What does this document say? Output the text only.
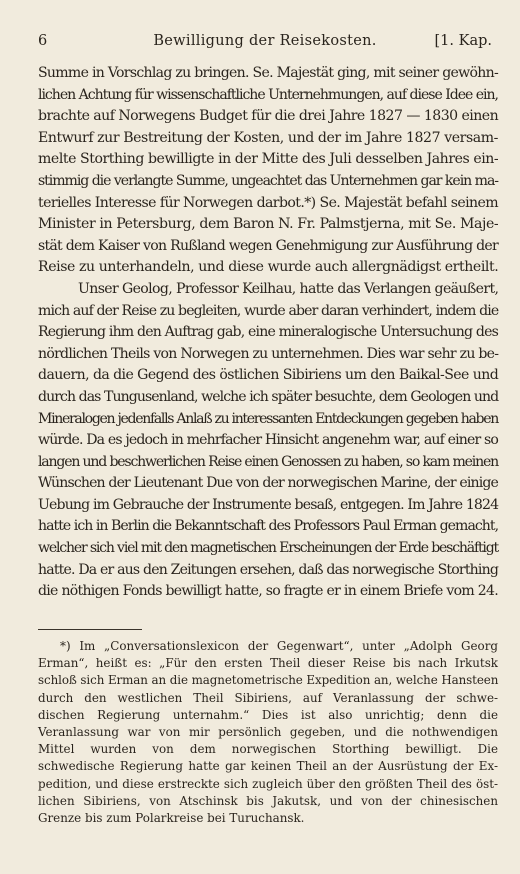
6	Bewilligung der Reisekosten.	[1. Kap.
Summe in Vorschlag zu bringen. Se. Majestät ging, mit seiner gewöhn-
lichen Achtung für wissenschaftliche Unternehmungen, auf diese Idee ein,
brachte auf Norwegens Budget für die drei Jahre 1827 — 1830 einen
Entwurf zur Bestreitung der Kosten, und der im Jahre 1827 versam-
melte Storthing bewilligte in der Mitte des Juli desselben Jahres ein-
stimmig die verlangte Summe, ungeachtet das Unternehmen gar kein ma-
terielles Interesse für Norwegen darbot.*) Se. Majestät befahl seinem
Minister in Petersburg, dem Baron N. Fr. Palmstjerna, mit Se. Maje-
stät dem Kaiser von Rußland wegen Genehmigung zur Ausführung der
Reise zu unterhandeln, und diese wurde auch allergnädigst ertheilt.
Unser Geolog, Professor Keilhau, hatte das Verlangen geäußert,
mich auf der Reise zu begleiten, wurde aber daran verhindert, indem die
Regierung ihm den Auftrag gab, eine mineralogische Untersuchung des
nördlichen Theils von Norwegen zu unternehmen. Dies war sehr zu be-
dauern, da die Gegend des östlichen Sibiriens um den Baikal-See und
durch das Tungusenland, welche ich später besuchte, dem Geologen und
Mineralogen jedenfalls Anlaß zu interessanten Entdeckungen gegeben haben
würde. Da es jedoch in mehrfacher Hinsicht angenehm war, auf einer so
langen und beschwerlichen Reise einen Genossen zu haben, so kam meinen
Wünschen der Lieutenant Due von der norwegischen Marine, der einige
Uebung im Gebrauche der Instrumente besaß, entgegen. Im Jahre 1824
hatte ich in Berlin die Bekanntschaft des Professors Paul Erman gemacht,
welcher sich viel mit den magnetischen Erscheinungen der Erde beschäftigt
hatte. Da er aus den Zeitungen ersehen, daß das norwegische Storthing
die nöthigen Fonds bewilligt hatte, so fragte er in einem Briefe vom 24.
*) Im „Conversationslexicon der Gegenwart“, unter „Adolph Georg
Erman“, heißt es: „Für den ersten Theil dieser Reise bis nach Irkutsk
schloß sich Erman an die magnetometrische Expedition an, welche Hansteen
durch den westlichen Theil Sibiriens, auf Veranlassung der schwe-
dischen Regierung unternahm.“ Dies ist also unrichtig; denn die
Veranlassung war von mir persönlich gegeben, und die nothwendigen
Mittel wurden von dem norwegischen Storthing bewilligt. Die
schwedische Regierung hatte gar keinen Theil an der Ausrüstung der Ex-
pedition, und diese erstreckte sich zugleich über den größten Theil des öst-
lichen Sibiriens, von Atschinsk bis Jakutsk, und von der chinesischen
Grenze bis zum Polarkreise bei Turuchansk.
